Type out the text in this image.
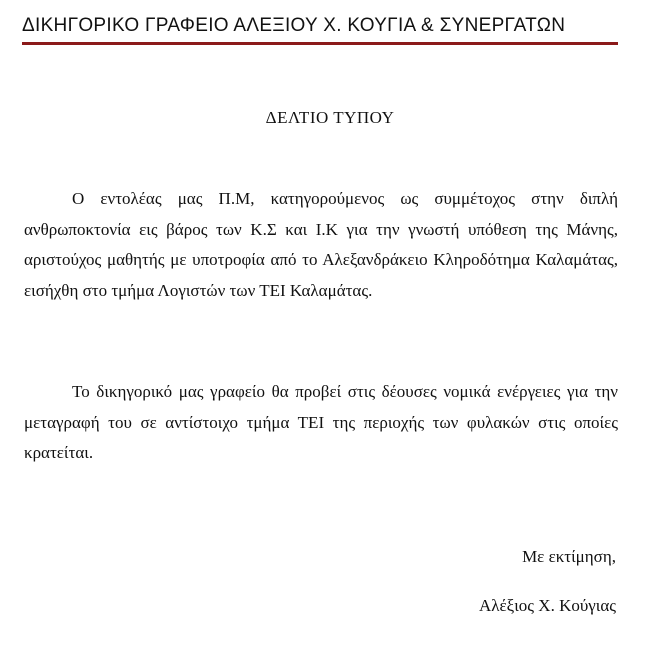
ΔΙΚΗΓΟΡΙΚΟ ΓΡΑΦΕΙΟ ΑΛΕΞΙΟΥ Χ. ΚΟΥΓΙΑ & ΣΥΝΕΡΓΑΤΩΝ
ΔΕΛΤΙΟ ΤΥΠΟΥ

Ο εντολέας μας Π.Μ, κατηγορούμενος ως συμμέτοχος στην διπλή ανθρωποκτονία εις βάρος των Κ.Σ και Ι.Κ για την γνωστή υπόθεση της Μάνης, αριστούχος μαθητής με υποτροφία από το Αλεξανδράκειο Κληροδότημα Καλαμάτας, εισήχθη στο τμήμα Λογιστών των ΤΕΙ Καλαμάτας.

Το δικηγορικό μας γραφείο θα προβεί στις δέουσες νομικά ενέργειες για την μεταγραφή του σε αντίστοιχο τμήμα ΤΕΙ της περιοχής των φυλακών στις οποίες κρατείται.

Με εκτίμηση,
Αλέξιος Χ. Κούγιας
